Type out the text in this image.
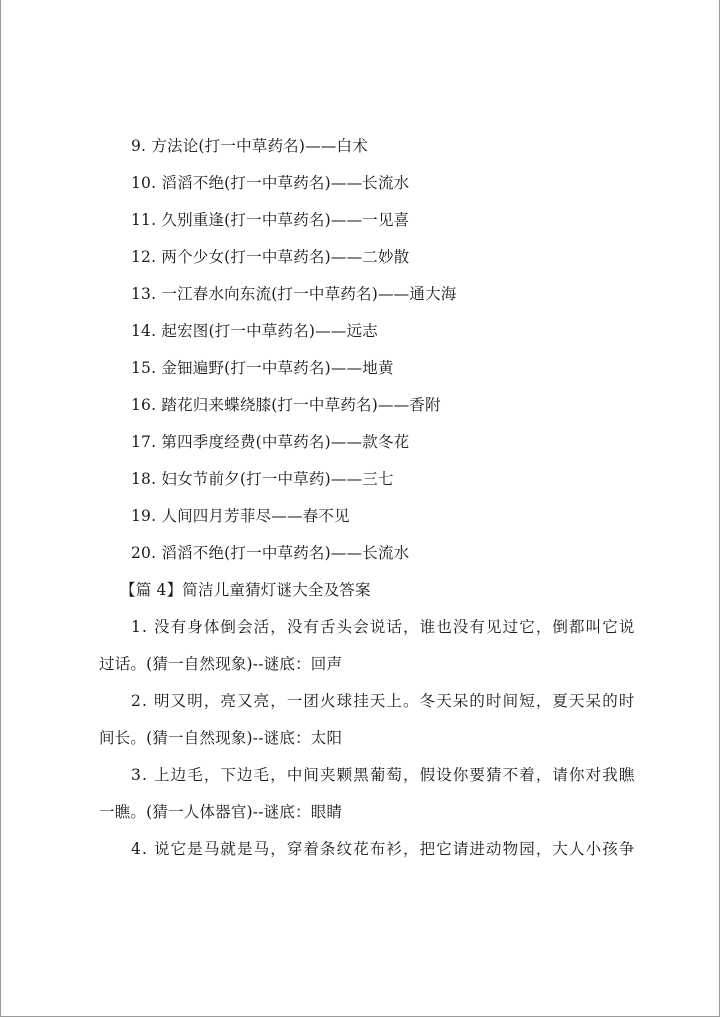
9. 方法论(打一中草药名)——白术
10. 滔滔不绝(打一中草药名)——长流水
11. 久别重逢(打一中草药名)——一见喜
12. 两个少女(打一中草药名)——二妙散
13. 一江春水向东流(打一中草药名)——通大海
14. 起宏图(打一中草药名)——远志
15. 金钿遍野(打一中草药名)——地黄
16. 踏花归来蝶绕膝(打一中草药名)——香附
17. 第四季度经费(中草药名)——款冬花
18. 妇女节前夕(打一中草药)——三七
19. 人间四月芳菲尽——春不见
20. 滔滔不绝(打一中草药名)——长流水
【篇 4】简洁儿童猜灯谜大全及答案
1. 没有身体倒会活，没有舌头会说话，谁也没有见过它，倒都叫它说
过话。(猜一自然现象)--谜底：回声
2. 明又明，亮又亮，一团火球挂天上。冬天呆的时间短，夏天呆的时
间长。(猜一自然现象)--谜底：太阳
3. 上边毛，下边毛，中间夹颗黑葡萄，假设你要猜不着，请你对我瞧
一瞧。(猜一人体器官)--谜底：眼睛
4. 说它是马就是马，穿着条纹花布衫，把它请进动物园，大人小孩争
